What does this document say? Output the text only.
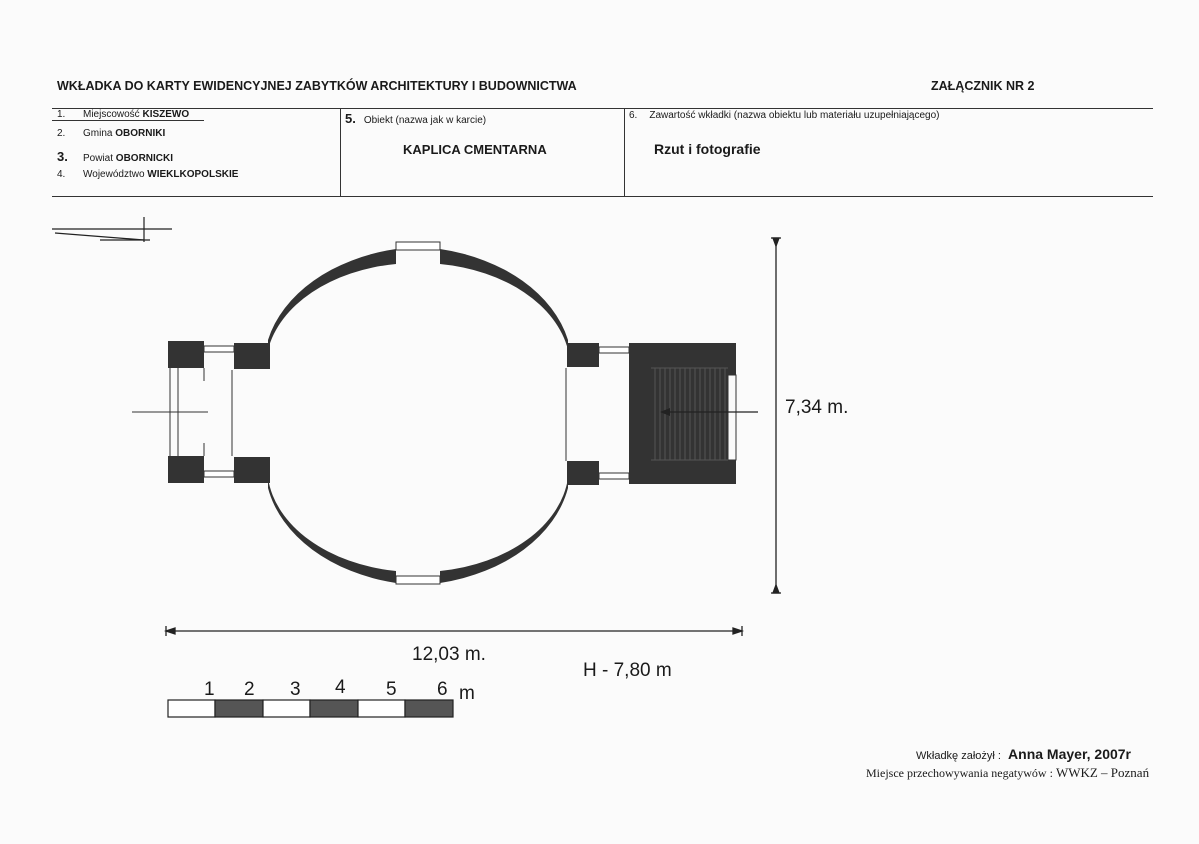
WKŁADKA DO KARTY EWIDENCYJNEJ ZABYTKÓW ARCHITEKTURY I BUDOWNICTWA	ZAŁĄCZNIK NR 2
1. Miejscowość KISZEWO
2. Gmina OBORNIKI
3. Powiat OBORNICKI
4. Województwo WIEKLKOPOLSKIE
5. Obiekt (nazwa jak w karcie)
KAPLICA CMENTARNA
6. Zawartość wkładki (nazwa obiektu lub materiału uzupełniającego)
Rzut i fotografie
7,34 m.
12,03 m.
H - 7,80 m
1 2 3 4 5 6 m
Wkładkę założył : Anna Mayer, 2007r
Miejsce przechowywania negatywów : WWKZ – Poznań
